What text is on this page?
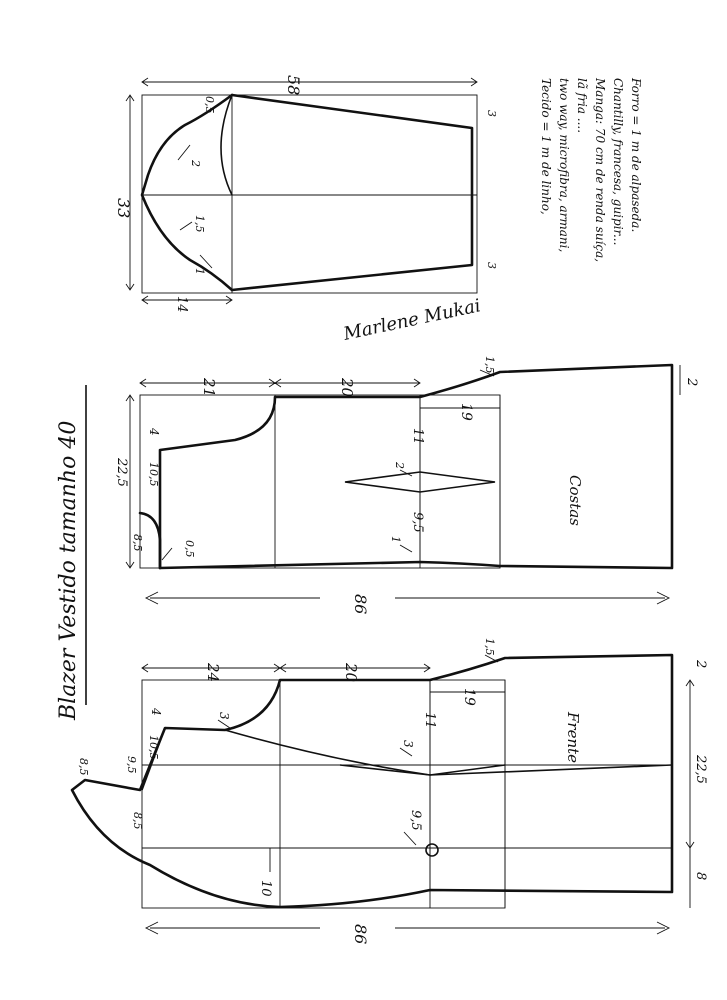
Blazer Vestido tamanho 40
58
33
14
0,5
2
1,5
1
3
3
Tecido = 1 m de linho, two way, microfibra, armani, lã fria .... Manga: 70 cm de renda suíça, Chantilly, francesa, guipir... Forro = 1 m de alpaseda.
Marlene Mukai
Costas
86
21	20
19
1,5
2
22,5
4
10,5
8,5	0,5
2
11
9,5
1
Frente
86
24	20
19
1,5
2
22,5
8
4
10,5
8,5	9,5
8,5
3
3
11
9,5
10
